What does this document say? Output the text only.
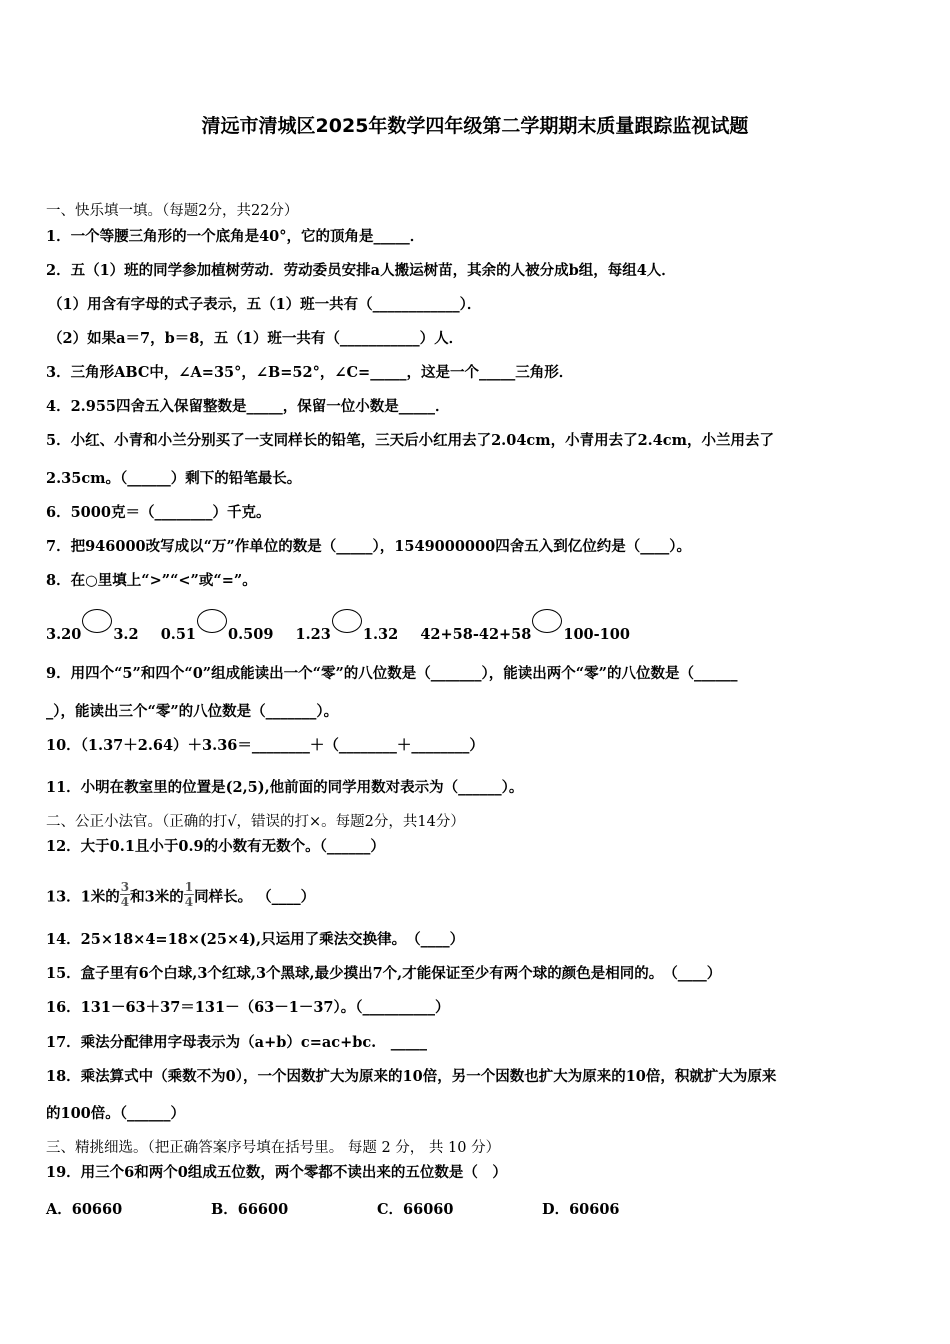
清远市清城区2025年数学四年级第二学期期末质量跟踪监视试题
一、快乐填一填。（每题2分，共22分）
1．一个等腰三角形的一个底角是40°，它的顶角是_____．
2．五（1）班的同学参加植树劳动．劳动委员安排a人搬运树苗，其余的人被分成b组，每组4人．
（1）用含有字母的式子表示，五（1）班一共有（____________）．
（2）如果a＝7，b＝8，五（1）班一共有（___________）人．
3．三角形ABC中，∠A=35°，∠B=52°，∠C=_____，这是一个_____三角形．
4．2.955四舍五入保留整数是_____，保留一位小数是_____．
5．小红、小青和小兰分别买了一支同样长的铅笔，三天后小红用去了2.04cm，小青用去了2.4cm，小兰用去了
2.35cm。（______）剩下的铅笔最长。
6．5000克＝（________）千克。
7．把946000改写成以“万”作单位的数是（_____），1549000000四舍五入到亿位约是（____）。
8．在○里填上“>”“<”或“=”。
3.20 3.2 0.51 0.509 1.23 1.32 42+58-42+58 100-100
9．用四个“5”和四个“0”组成能读出一个“零”的八位数是（_______），能读出两个“零”的八位数是（______
_），能读出三个“零”的八位数是（_______）。
10．（1.37＋2.64）＋3.36＝________＋（________＋________）
11．小明在教室里的位置是(2,5),他前面的同学用数对表示为（______）。
二、公正小法官。（正确的打√，错误的打×。每题2分，共14分）
12．大于0.1且小于0.9的小数有无数个。（______）
13．1米的 $\frac{3}{4}$ 和3米的 $\frac{1}{4}$ 同样长。 （____）
14．25×18×4=18×(25×4),只运用了乘法交换律。　（____）
15．盒子里有6个白球,3个红球,3个黑球,最少摸出7个,才能保证至少有两个球的颜色是相同的。　（____）
16．131－63＋37＝131－（63－1－37）。（__________）
17．乘法分配律用字母表示为（a+b）c=ac+bc.　_____
18．乘法算式中（乘数不为0），一个因数扩大为原来的10倍，另一个因数也扩大为原来的10倍，积就扩大为原来
的100倍。（______）
三、精挑细选。（把正确答案序号填在括号里。 每题 2 分， 共 10 分）
19．用三个6和两个0组成五位数，两个零都不读出来的五位数是（　）
A．60660	B．66600	C．66060	D．60606
